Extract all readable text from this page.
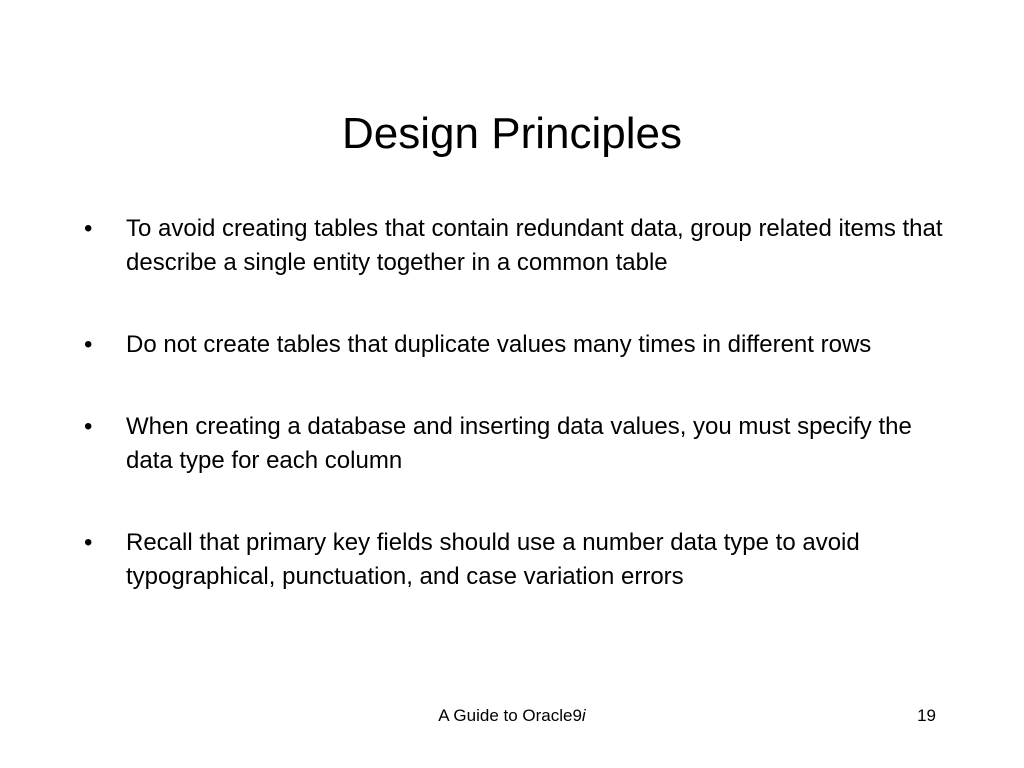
Design Principles
•	To avoid creating tables that contain redundant data, group related items that describe a single entity together in a common table
•	Do not create tables that duplicate values many times in different rows
•	When creating a database and inserting data values, you must specify the data type for each column
•	Recall that primary key fields should use a number data type to avoid typographical, punctuation, and case variation errors
A Guide to Oracle9i	19
